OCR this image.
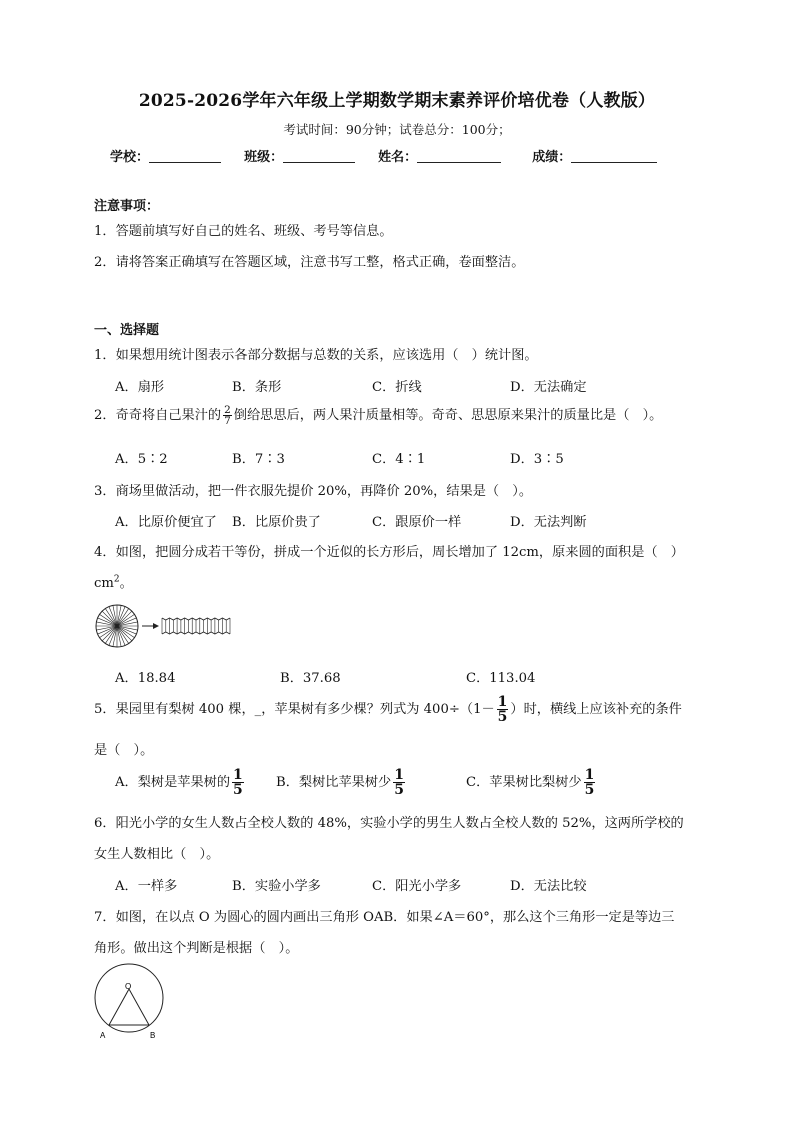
2025-2026学年六年级上学期数学期末素养评价培优卷（人教版）
考试时间：90分钟；试卷总分：100分；
学校：	班级：	姓名：	成绩：
注意事项：
1．答题前填写好自己的姓名、班级、考号等信息。
2．请将答案正确填写在答题区域，注意书写工整，格式正确，卷面整洁。
一、选择题
1．如果想用统计图表示各部分数据与总数的关系，应该选用（　）统计图。
A．扇形	B．条形	C．折线	D．无法确定
2．奇奇将自己果汁的 $\frac{2}{7}$ 倒给思思后，两人果汁质量相等。奇奇、思思原来果汁的质量比是（　）。
A．5∶2	B．7∶3	C．4∶1	D．3∶5
3．商场里做活动，把一件衣服先提价 20%，再降价 20%，结果是（　）。
A．比原价便宜了 B．比原价贵了	C．跟原价一样	D．无法判断
4．如图，把圆分成若干等份，拼成一个近似的长方形后，周长增加了 12cm，原来圆的面积是（　）
$cm^2$。
A．18.84	B．37.68	C．113.04
5．果园里有梨树 400 棵，_，苹果树有多少棵？列式为 $400\div(1- \frac{1}{5}$ ）时，横线上应该补充的条件
是（　）。
A．梨树是苹果树的 $\frac{1}{5}$ B．梨树比苹果树少 $\frac{1}{5}$	C．苹果树比梨树少 $\frac{1}{5}$
6．阳光小学的女生人数占全校人数的 48%，实验小学的男生人数占全校人数的 52%，这两所学校的
女生人数相比（　）。
A．一样多	B．实验小学多	C．阳光小学多	D．无法比较
7．如图，在以点 O 为圆心的圆内画出三角形 OAB．如果∠A＝60°，那么这个三角形一定是等边三
角形。做出这个判断是根据（　）。
O
A	B
